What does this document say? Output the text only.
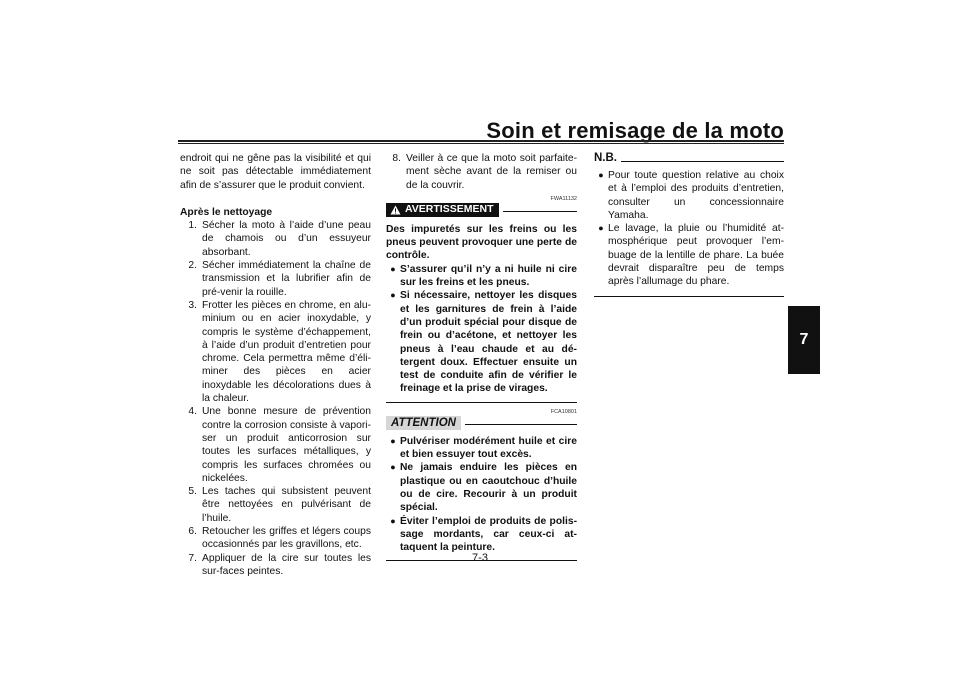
Soin et remisage de la moto
7

endroit qui ne gêne pas la visibilité et qui ne soit pas détectable immédiatement afin de s’assurer que le produit convient.

Après le nettoyage
1. Sécher la moto à l’aide d’une peau de chamois ou d’un essuyeur absorbant.
2. Sécher immédiatement la chaîne de transmission et la lubrifier afin de pré-venir la rouille.
3. Frotter les pièces en chrome, en alu-minium ou en acier inoxydable, y compris le système d’échappement, à l’aide d’un produit d’entretien pour chrome. Cela permettra même d’éli-miner des pièces en acier inoxydable les décolorations dues à la chaleur.
4. Une bonne mesure de prévention contre la corrosion consiste à vapori-ser un produit anticorrosion sur toutes les surfaces métalliques, y compris les surfaces chromées ou nickelées.
5. Les taches qui subsistent peuvent être nettoyées en pulvérisant de l’huile.
6. Retoucher les griffes et légers coups occasionnés par les gravillons, etc.
7. Appliquer de la cire sur toutes les sur-faces peintes.
8. Veiller à ce que la moto soit parfaite-ment sèche avant de la remiser ou de la couvrir.
FWA11132
AVERTISSEMENT

Des impuretés sur les freins ou les pneus peuvent provoquer une perte de contrôle.

● S’assurer qu’il n’y a ni huile ni cire sur les freins et les pneus.
● Si nécessaire, nettoyer les disques et les garnitures de frein à l’aide d’un produit spécial pour disque de frein ou d’acétone, et nettoyer les pneus à l’eau chaude et au dé-tergent doux. Effectuer ensuite un test de conduite afin de vérifier le freinage et la prise de virages.
FCA10801
ATTENTION
● Pulvériser modérément huile et cire et bien essuyer tout excès.
● Ne jamais enduire les pièces en plastique ou en caoutchouc d’huile ou de cire. Recourir à un produit spécial.
● Éviter l’emploi de produits de polis-sage mordants, car ceux-ci at-taquent la peinture.
N.B.
● Pour toute question relative au choix et à l’emploi des produits d’entretien, consulter un concessionnaire Yamaha.
● Le lavage, la pluie ou l’humidité at-mosphérique peut provoquer l’em-buage de la lentille de phare. La buée devrait disparaître peu de temps après l’allumage du phare.
7-3
